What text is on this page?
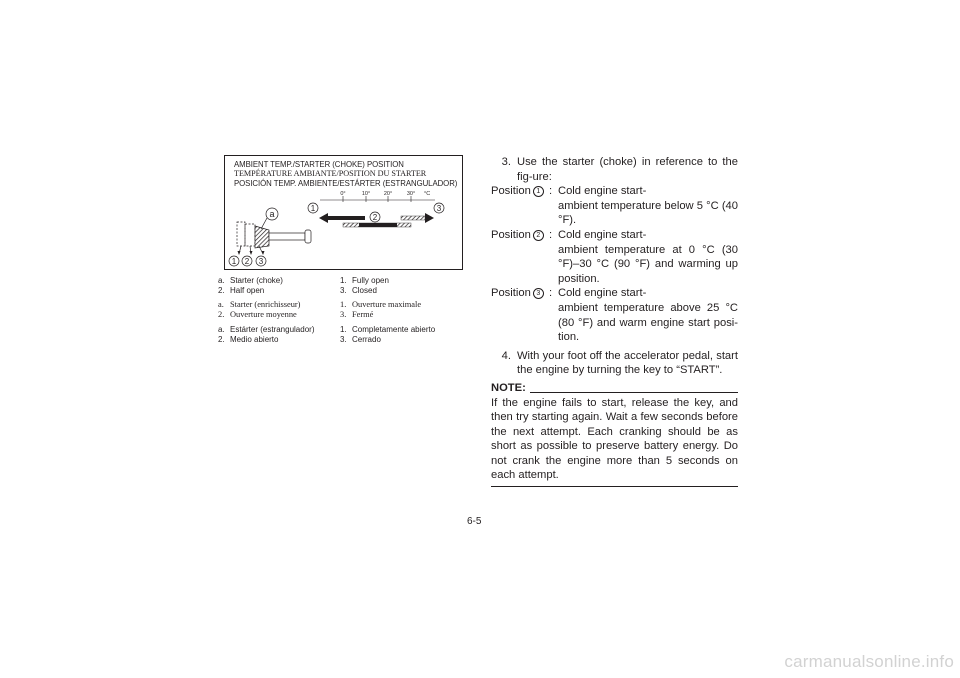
AMBIENT TEMP./STARTER (CHOKE) POSITION
TEMPÉRATURE AMBIANTE/POSITION DU STARTER
POSICIÓN TEMP. AMBIENTE/ESTÁRTER (ESTRANGULADOR)
0°	10° 20°	30° °C
1
2
3
a
1 2 3
a. Starter (choke)	1. Fully open
2. Half open	3. Closed
a. Starter (enrichisseur)	1. Ouverture maximale
2. Ouverture moyenne	3. Fermé
a. Estárter (estrangulador)	1. Completamente abierto
2. Medio abierto	3. Cerrado
3. Use the starter (choke) in reference to the fig-ure:
Position 1 : Cold engine start-
ambient temperature below 5 °C (40 °F).
Position 2 : Cold engine start-
ambient temperature at 0 °C (30 °F)–30 °C (90 °F) and warming up position.
Position 3 : Cold engine start-
ambient temperature above 25 °C (80 °F) and warm engine start posi-tion.
4. With your foot off the accelerator pedal, start the engine by turning the key to “START”.
NOTE:
If the engine fails to start, release the key, and then try starting again. Wait a few seconds before the next attempt. Each cranking should be as short as possible to preserve battery energy. Do not crank the engine more than 5 seconds on each attempt.
6-5
carmanualsonline.info
